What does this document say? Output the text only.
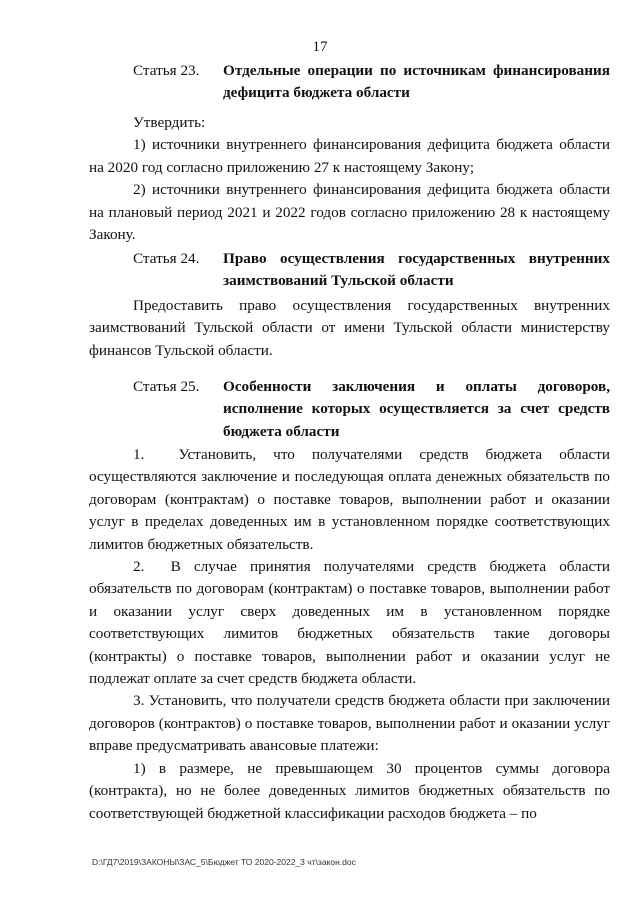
17
Статья 23.	Отдельные операции по источникам финансирования дефицита бюджета области

Утвердить:

1) источники внутреннего финансирования дефицита бюджета области на 2020 год согласно приложению 27 к настоящему Закону;

2) источники внутреннего финансирования дефицита бюджета области на плановый период 2021 и 2022 годов согласно приложению 28 к настоящему Закону.

Статья 24.	Право осуществления государственных внутренних заимствований Тульской области

Предоставить право осуществления государственных внутренних заимствований Тульской области от имени Тульской области министерству финансов Тульской области.

Статья 25.	Особенности заключения и оплаты договоров, исполнение которых осуществляется за счет средств бюджета области

1.  Установить, что получателями средств бюджета области осуществляются заключение и последующая оплата денежных обязательств по договорам (контрактам) о поставке товаров, выполнении работ и оказании услуг в пределах доведенных им в установленном порядке соответствующих лимитов бюджетных обязательств.

2.  В случае принятия получателями средств бюджета области обязательств по договорам (контрактам) о поставке товаров, выполнении работ и оказании услуг сверх доведенных им в установленном порядке соответствующих лимитов бюджетных обязательств такие договоры (контракты) о поставке товаров, выполнении работ и оказании услуг не подлежат оплате за счет средств бюджета области.

3. Установить, что получатели средств бюджета области при заключении договоров (контрактов) о поставке товаров, выполнении работ и оказании услуг вправе предусматривать авансовые платежи:

1) в размере, не превышающем 30 процентов суммы договора (контракта), но не более доведенных лимитов бюджетных обязательств по соответствующей бюджетной классификации расходов бюджета – по

D:\ГД7\2019\ЗАКОНЫ\ЗАС_5\Бюджет ТО 2020-2022_3 чт\закон.doc
